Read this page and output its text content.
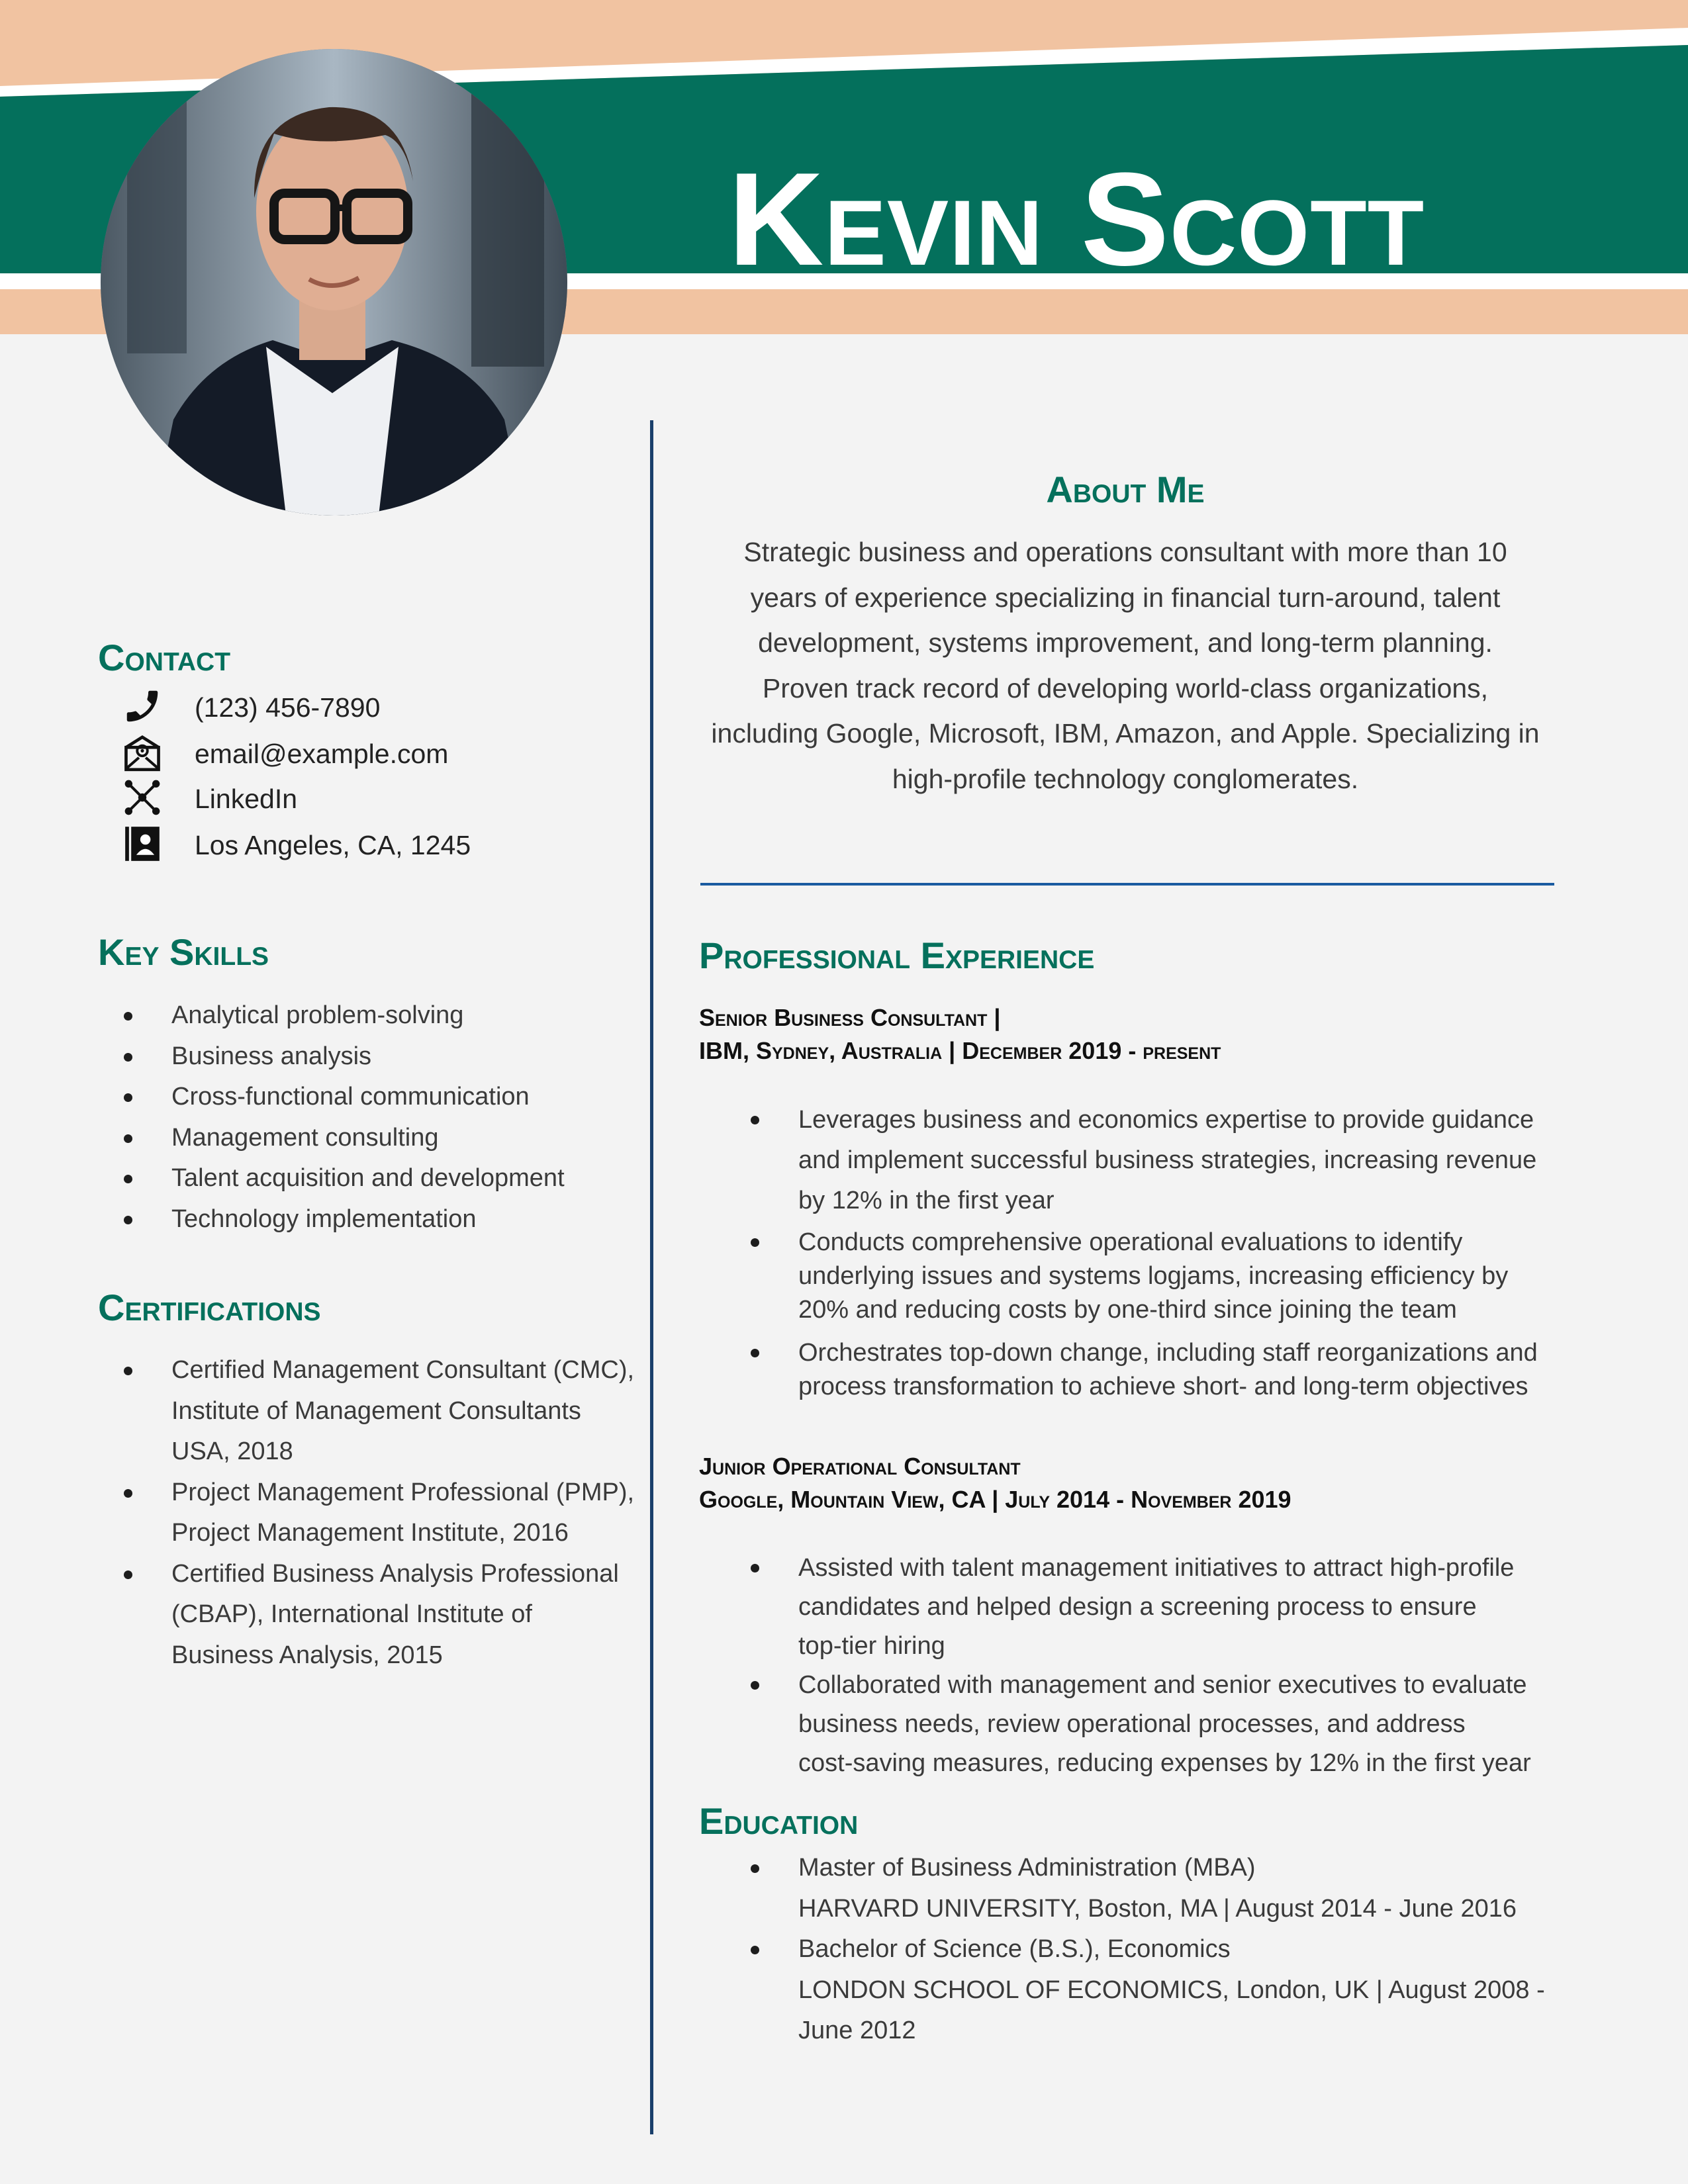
Kevin Scott
Contact
(123) 456-7890
email@example.com
LinkedIn
Los Angeles, CA, 1245
Key Skills
Analytical problem-solving
Business analysis
Cross-functional communication
Management consulting
Talent acquisition and development
Technology implementation
Certifications
Certified Management Consultant (CMC),
Institute of Management Consultants
USA, 2018
Project Management Professional (PMP),
Project Management Institute, 2016
Certified Business Analysis Professional
(CBAP), International Institute of
Business Analysis, 2015
About Me
Strategic business and operations consultant with more than 10
years of experience specializing in financial turn-around, talent
development, systems improvement, and long-term planning.
Proven track record of developing world-class organizations,
including Google, Microsoft, IBM, Amazon, and Apple. Specializing in
high-profile technology conglomerates.
Professional Experience
Senior Business Consultant |
IBM, Sydney, Australia | December 2019 - present
Leverages business and economics expertise to provide guidance
and implement successful business strategies, increasing revenue
by 12% in the first year
Conducts comprehensive operational evaluations to identify
underlying issues and systems logjams, increasing efficiency by
20% and reducing costs by one-third since joining the team
Orchestrates top-down change, including staff reorganizations and
process transformation to achieve short- and long-term objectives
Junior Operational Consultant
Google, Mountain View, CA | July 2014 - November 2019
Assisted with talent management initiatives to attract high-profile
candidates and helped design a screening process to ensure
top-tier hiring
Collaborated with management and senior executives to evaluate
business needs, review operational processes, and address
cost-saving measures, reducing expenses by 12% in the first year
Education
Master of Business Administration (MBA)
HARVARD UNIVERSITY, Boston, MA | August 2014 - June 2016
Bachelor of Science (B.S.), Economics
LONDON SCHOOL OF ECONOMICS, London, UK | August 2008 -
June 2012
